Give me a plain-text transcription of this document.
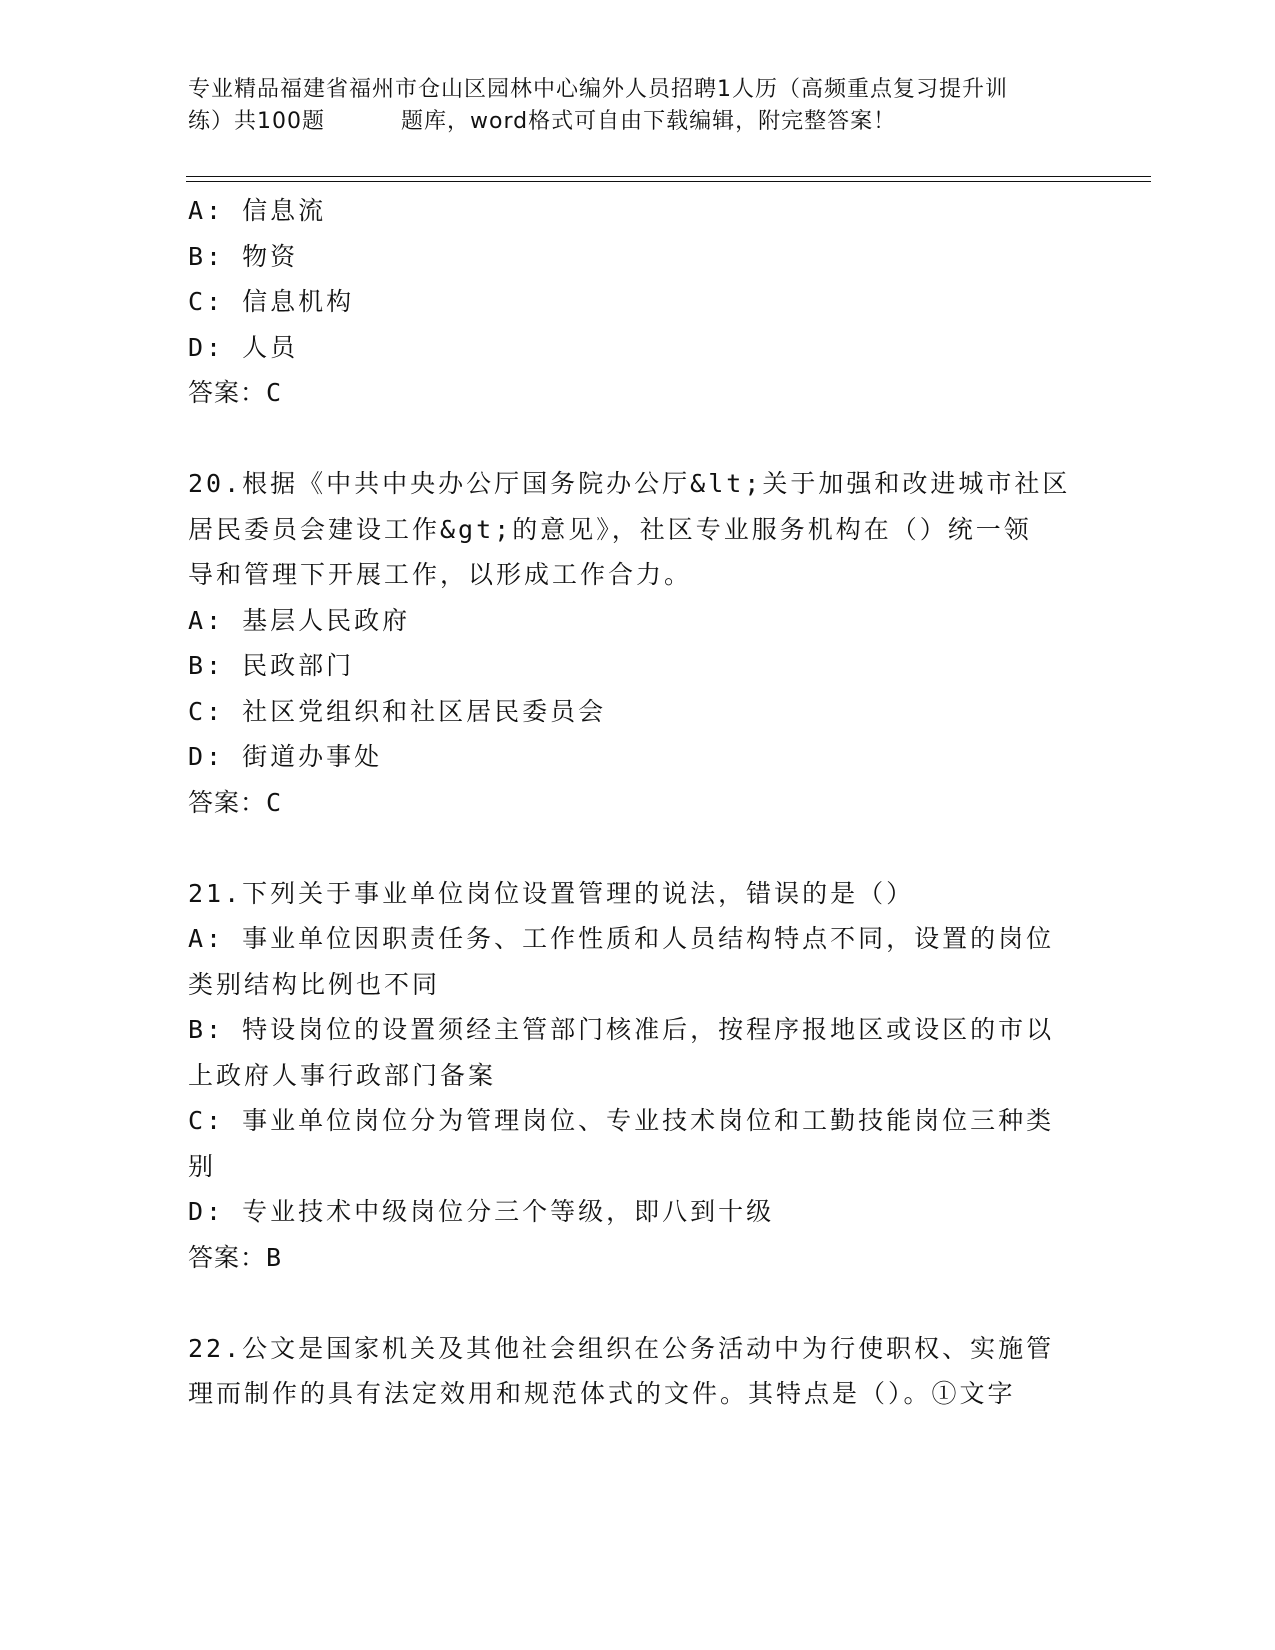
专业精品福建省福州市仓山区园林中心编外人员招聘1人历（高频重点复习提升训
练）共100题	题库，word格式可自由下载编辑，附完整答案！
A: 信息流
B: 物资
C: 信息机构
D: 人员
答案：C
20.根据《中共中央办公厅国务院办公厅&lt;关于加强和改进城市社区
居民委员会建设工作&gt;的意见》，社区专业服务机构在（）统一领
导和管理下开展工作，以形成工作合力。
A: 基层人民政府
B: 民政部门
C: 社区党组织和社区居民委员会
D: 街道办事处
答案：C
21.下列关于事业单位岗位设置管理的说法，错误的是（）
A: 事业单位因职责任务、工作性质和人员结构特点不同，设置的岗位
类别结构比例也不同
B: 特设岗位的设置须经主管部门核准后，按程序报地区或设区的市以
上政府人事行政部门备案
C: 事业单位岗位分为管理岗位、专业技术岗位和工勤技能岗位三种类
别
D: 专业技术中级岗位分三个等级，即八到十级
答案：B
22.公文是国家机关及其他社会组织在公务活动中为行使职权、实施管
理而制作的具有法定效用和规范体式的文件。其特点是（）。①文字
